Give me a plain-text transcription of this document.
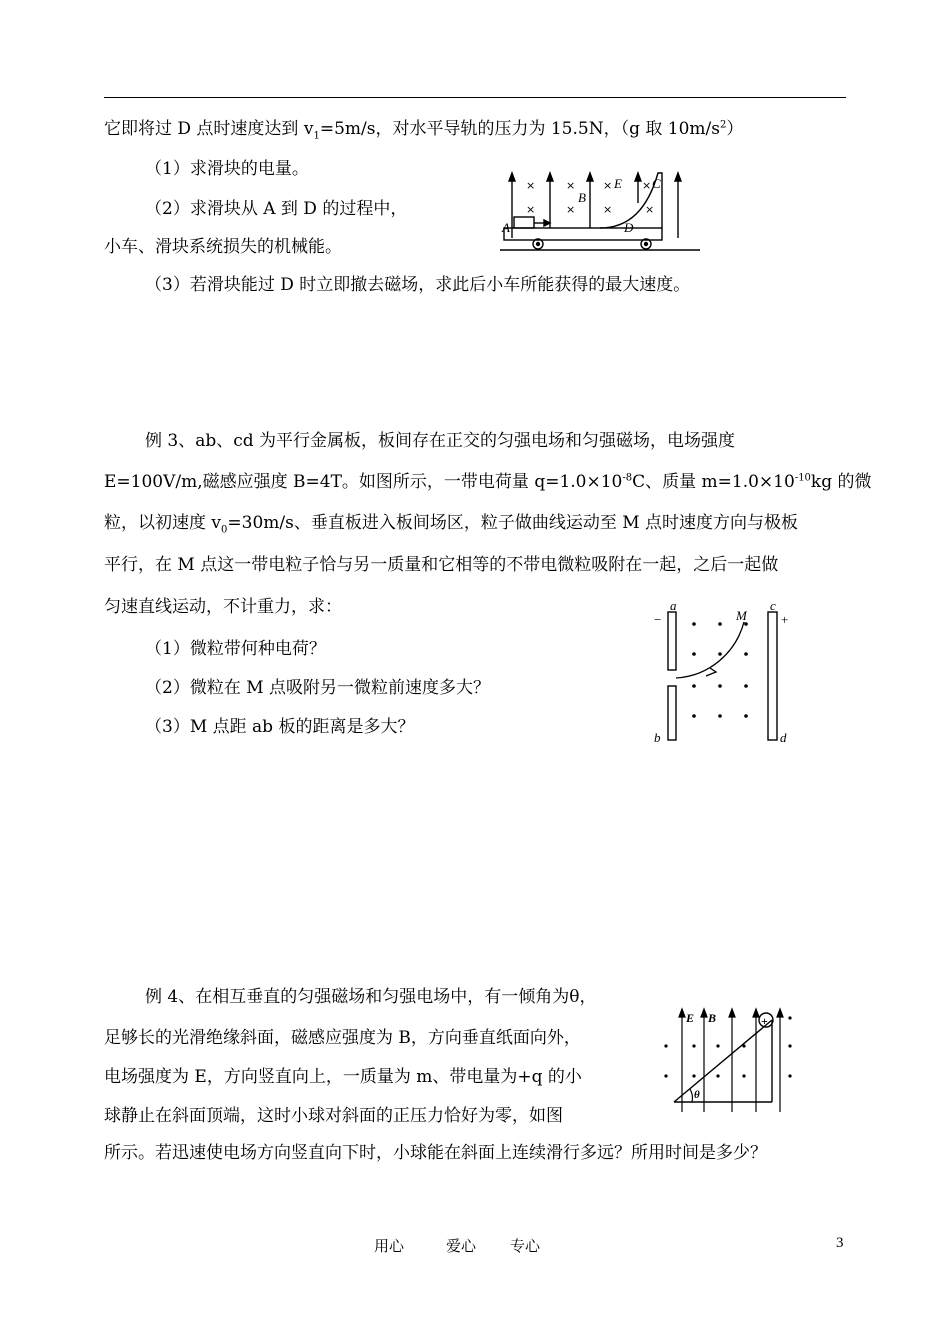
它即将过 D 点时速度达到 $v_1=5m/s$，对水平导轨的压力为 15.5N，（g 取 $10m/s^2$）
（1）求滑块的电量。
（2）求滑块从 A 到 D 的过程中，
小车、滑块系统损失的机械能。
（3）若滑块能过 D 时立即撤去磁场，求此后小车所能获得的最大速度。
×	×	×	×
×	×	×	×
A
B
E C
D
例 3、ab、cd 为平行金属板，板间存在正交的匀强电场和匀强磁场，电场强度
E=100V/m,磁感应强度 B=4T。如图所示，一带电荷量 $q=1.0\times 10^{-8}C$、质量 $m=1.0\times 10^{-10}kg$ 的微
粒，以初速度 $v_0=30m/s$、垂直板进入板间场区，粒子做曲线运动至 M 点时速度方向与极板
平行，在 M 点这一带电粒子恰与另一质量和它相等的不带电微粒吸附在一起，之后一起做
匀速直线运动，不计重力，求：
（1）微粒带何种电荷？
（2）微粒在 M 点吸附另一微粒前速度多大？
（3）M 点距 ab 板的距离是多大？
a
M
c
−	+
b	d
例 4、在相互垂直的匀强磁场和匀强电场中，有一倾角为θ，
足够长的光滑绝缘斜面，磁感应强度为 B，方向垂直纸面向外，
电场强度为 E，方向竖直向上，一质量为 m、带电量为+q 的小
球静止在斜面顶端，这时小球对斜面的正压力恰好为零，如图
所示。若迅速使电场方向竖直向下时，小球能在斜面上连续滑行多远？所用时间是多少？
E B
θ
+
用心	爱心 专心	3
